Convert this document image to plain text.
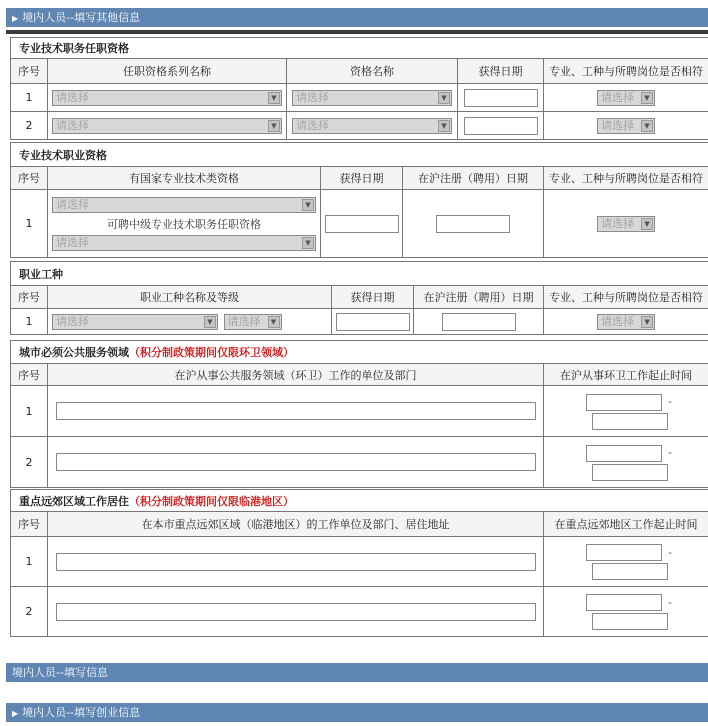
▶ 境内人员--填写其他信息
专业技术职务任职资格				
序号	任职资格系列名称	资格名称	获得日期	专业、工种与所聘岗位是否相符
1	请选择 ▼	请选择 ▼		请选择 ▼

2	请选择 ▼	请选择 ▼		请选择 ▼
专业技术职业资格				
序号	有国家专业技术类资格	获得日期	在沪注册（聘用）日期	专业、工种与所聘岗位是否相符
1	请选择 ▼
可聘中级专业技术职务任职资格
请选择 ▼			请选择 ▼
职业工种				
序号	职业工种名称及等级	获得日期	在沪注册（聘用）日期	专业、工种与所聘岗位是否相符
1	请选择 ▼ 请选择 ▼			请选择 ▼
城市必须公共服务领域（积分制政策期间仅限环卫领域）		
序号	在沪从事公共服务领域（环卫）工作的单位及部门	在沪从事环卫工作起止时间
1		-

2		-

重点远郊区域工作居住（积分制政策期间仅限临港地区）		
序号	在本市重点远郊区域（临港地区）的工作单位及部门、居住地址	在重点远郊地区工作起止时间
1		-

2		-

境内人员--填写信息
▶ 境内人员--填写创业信息
